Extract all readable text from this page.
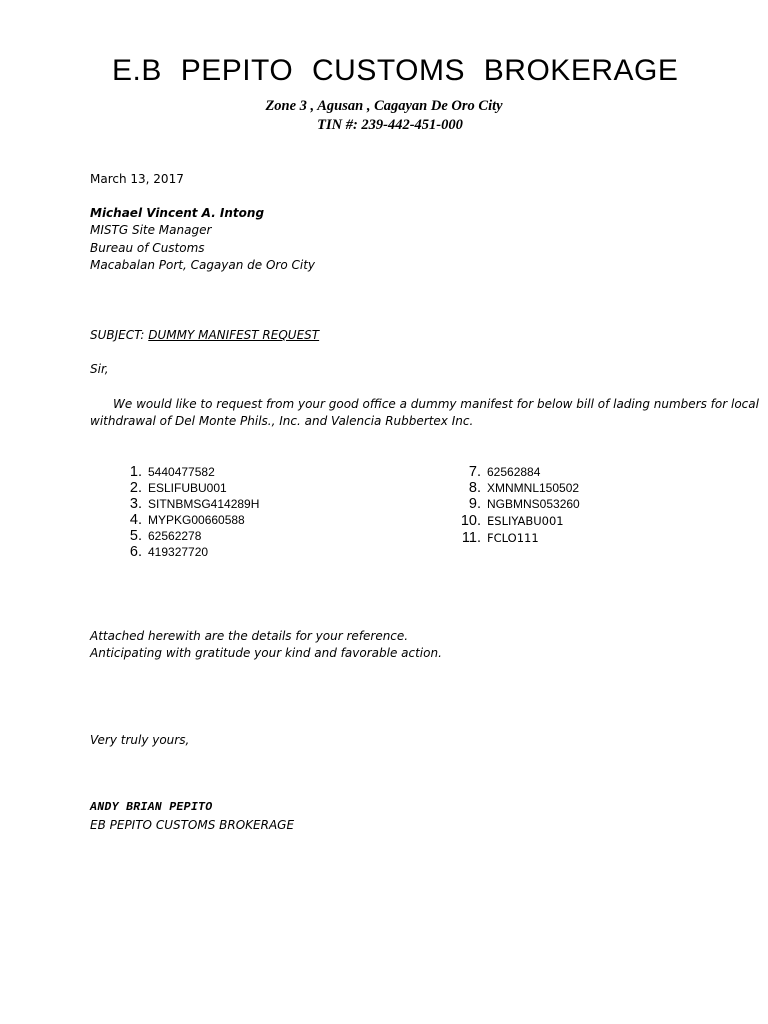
E.B PEPITO CUSTOMS BROKERAGE
Zone 3 , Agusan , Cagayan De Oro City
TIN #: 239-442-451-000
March 13, 2017
Michael Vincent A. Intong
MISTG Site Manager
Bureau of Customs
Macabalan Port, Cagayan de Oro City
SUBJECT: DUMMY MANIFEST REQUEST
Sir,
We would like to request from your good office a dummy manifest for below bill of lading numbers for local
withdrawal of Del Monte Phils., Inc. and Valencia Rubbertex Inc.
1. 5440477582
2. ESLIFUBU001
3. SITNBMSG414289H
4. MYPKG00660588
5. 62562278
6. 419327720
7. 62562884
8. XMNMNL150502
9. NGBMNS053260
10. ESLIYABU001
11. FCLO111
Attached herewith are the details for your reference.
Anticipating with gratitude your kind and favorable action.
Very truly yours,
ANDY BRIAN PEPITO
EB PEPITO CUSTOMS BROKERAGE
